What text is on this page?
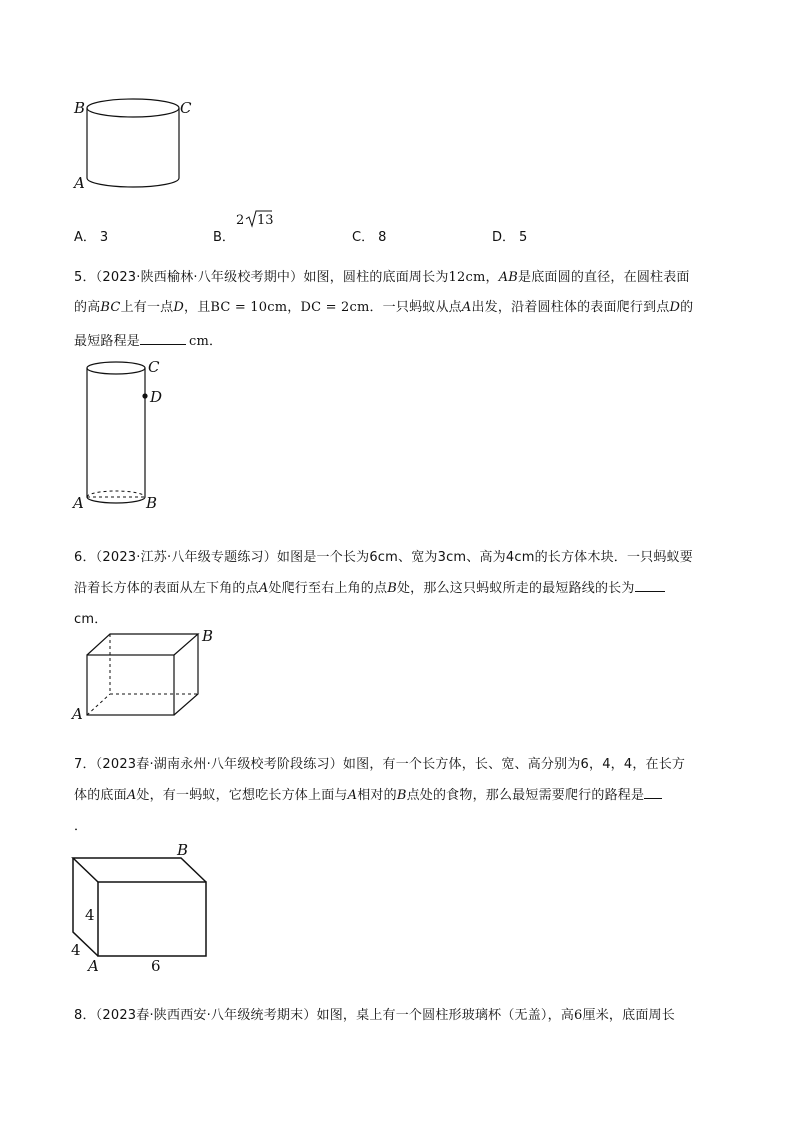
B	C
A
A． 3	B．
2 13
C． 8	D． 5
5．（2023·陕西榆林·八年级校考期中）如图，圆柱的底面周长为12cm，AB是底面圆的直径，在圆柱表面
的高BC上有一点D，且BC = 10cm，DC = 2cm．一只蚂蚁从点A出发，沿着圆柱体的表面爬行到点D的
最短路程是	cm．
C
D
A	B
6．（2023·江苏·八年级专题练习）如图是一个长为6cm、宽为3cm、高为4cm的长方体木块．一只蚂蚁要
沿着长方体的表面从左下角的点A处爬行至右上角的点B处，那么这只蚂蚁所走的最短路线的长为
cm．
B
A
7．（2023春·湖南永州·八年级校考阶段练习）如图，有一个长方体，长、宽、高分别为6，4，4，在长方
体的底面A处，有一蚂蚁，它想吃长方体上面与A相对的B点处的食物，那么最短需要爬行的路程是
．
B
4
4
A	6
8．（2023春·陕西西安·八年级统考期末）如图，桌上有一个圆柱形玻璃杯（无盖），高6厘米，底面周长
